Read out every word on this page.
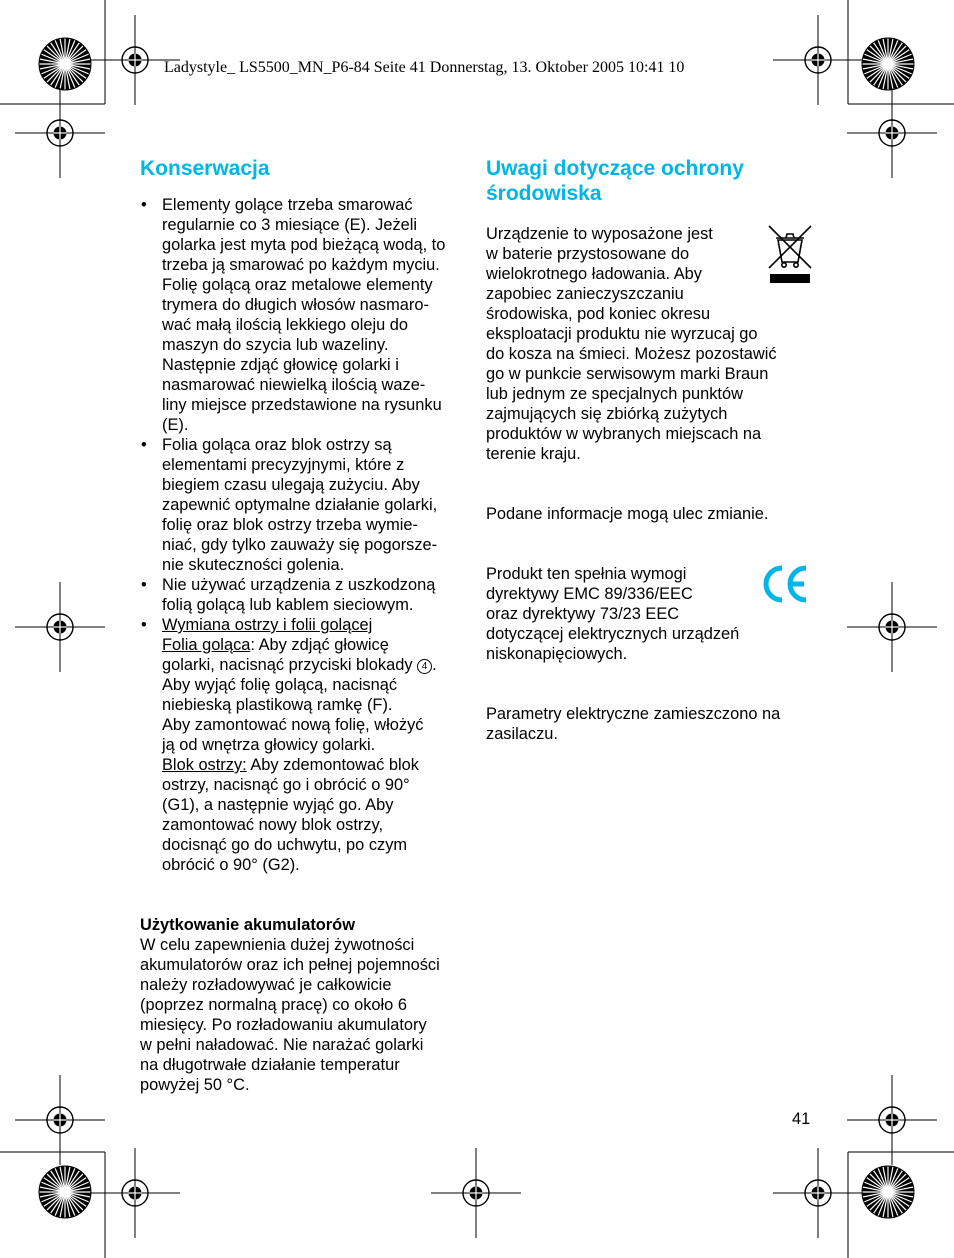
Ladystyle_ LS5500_MN_P6-84 Seite 41 Donnerstag, 13. Oktober 2005 10:41 10

Konserwacja
• Elementy golące trzeba smarować
regularnie co 3 miesiące (E). Jeżeli
golarka jest myta pod bieżącą wodą, to
trzeba ją smarować po każdym myciu.
Folię golącą oraz metalowe elementy
trymera do długich włosów nasmaro-
wać małą ilością lekkiego oleju do
maszyn do szycia lub wazeliny.
Następnie zdjąć głowicę golarki i
nasmarować niewielką ilością waze-
liny miejsce przedstawione na rysunku
(E).
• Folia goląca oraz blok ostrzy są
elementami precyzyjnymi, które z
biegiem czasu ulegają zużyciu. Aby
zapewnić optymalne działanie golarki,
folię oraz blok ostrzy trzeba wymie-
niać, gdy tylko zauważy się pogorsze-
nie skuteczności golenia.
• Nie używać urządzenia z uszkodzoną
folią golącą lub kablem sieciowym.
• Wymiana ostrzy i folii golącej
Folia goląca: Aby zdjąć głowicę
golarki, nacisnąć przyciski blokady 4 .
Aby wyjąć folię golącą, nacisnąć
niebieską plastikową ramkę (F).
Aby zamontować nową folię, włożyć
ją od wnętrza głowicy golarki.
Blok ostrzy: Aby zdemontować blok
ostrzy, nacisnąć go i obrócić o 90°
(G1), a następnie wyjąć go. Aby
zamontować nowy blok ostrzy,
docisnąć go do uchwytu, po czym
obrócić o 90° (G2).
Użytkowanie akumulatorów
W celu zapewnienia dużej żywotności
akumulatorów oraz ich pełnej pojemności
należy rozładowywać je całkowicie
(poprzez normalną pracę) co około 6
miesięcy. Po rozładowaniu akumulatory
w pełni naładować. Nie narażać golarki
na długotrwałe działanie temperatur
powyżej 50 °C.
Uwagi dotyczące ochrony
środowiska
Urządzenie to wyposażone jest
w baterie przystosowane do
wielokrotnego ładowania. Aby
zapobiec zanieczyszczaniu
środowiska, pod koniec okresu
eksploatacji produktu nie wyrzucaj go
do kosza na śmieci. Możesz pozostawić
go w punkcie serwisowym marki Braun
lub jednym ze specjalnych punktów
zajmujących się zbiórką zużytych
produktów w wybranych miejscach na
terenie kraju.
Podane informacje mogą ulec zmianie.
Produkt ten spełnia wymogi
dyrektywy EMC 89/336/EEC
oraz dyrektywy 73/23 EEC
dotyczącej elektrycznych urządzeń
niskonapięciowych.
Parametry elektryczne zamieszczono na
zasilaczu.
41
